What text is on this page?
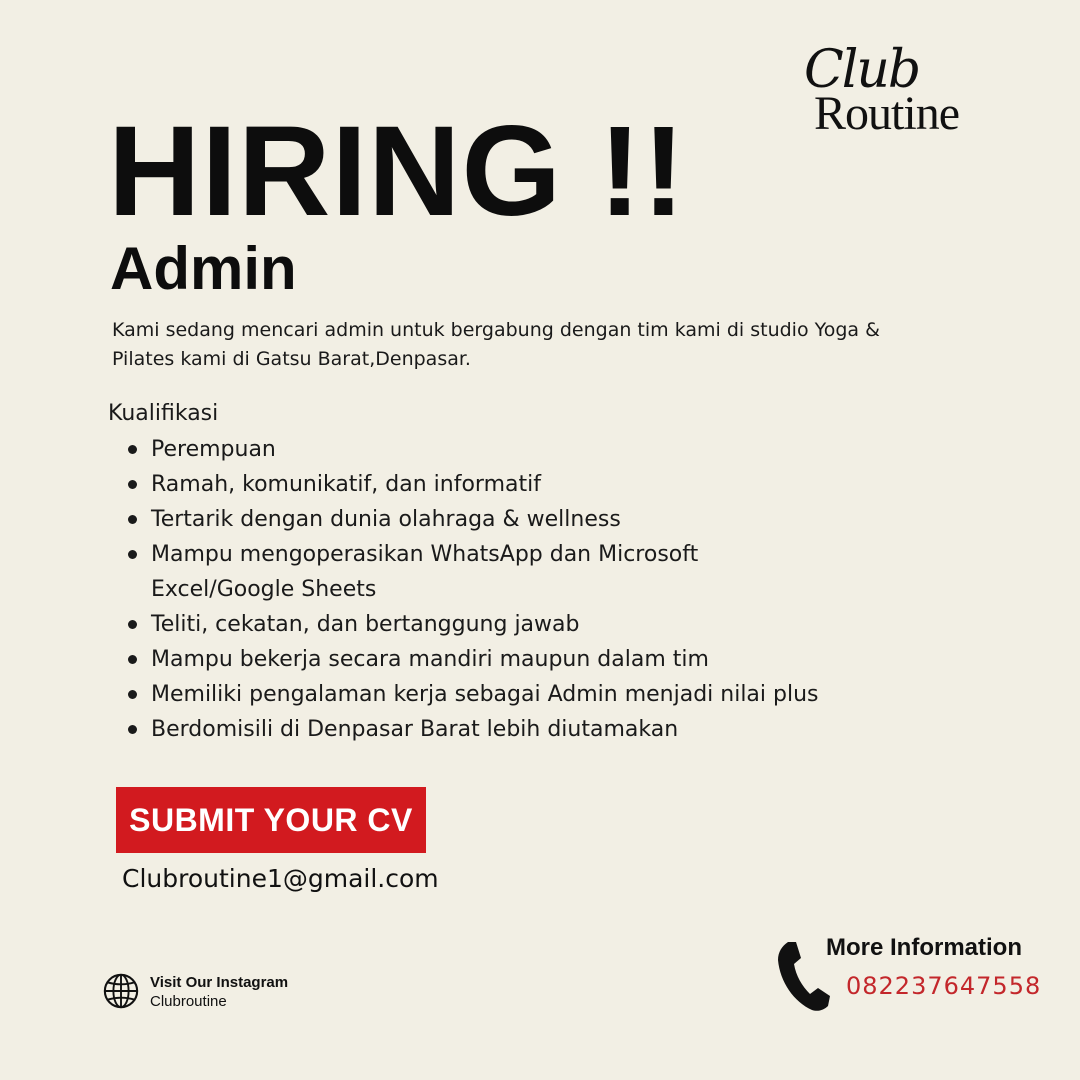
Club
Routine
HIRING !!
Admin
Kami sedang mencari admin untuk bergabung dengan tim kami di studio Yoga & Pilates kami di Gatsu Barat,Denpasar.
Kualifikasi
Perempuan
Ramah, komunikatif, dan informatif
Tertarik dengan dunia olahraga & wellness
Mampu mengoperasikan WhatsApp dan Microsoft Excel/Google Sheets
Teliti, cekatan, dan bertanggung jawab
Mampu bekerja secara mandiri maupun dalam tim
Memiliki pengalaman kerja sebagai Admin menjadi nilai plus
Berdomisili di Denpasar Barat lebih diutamakan
SUBMIT YOUR CV
Clubroutine1@gmail.com
Visit Our Instagram
Clubroutine
More Information
082237647558
